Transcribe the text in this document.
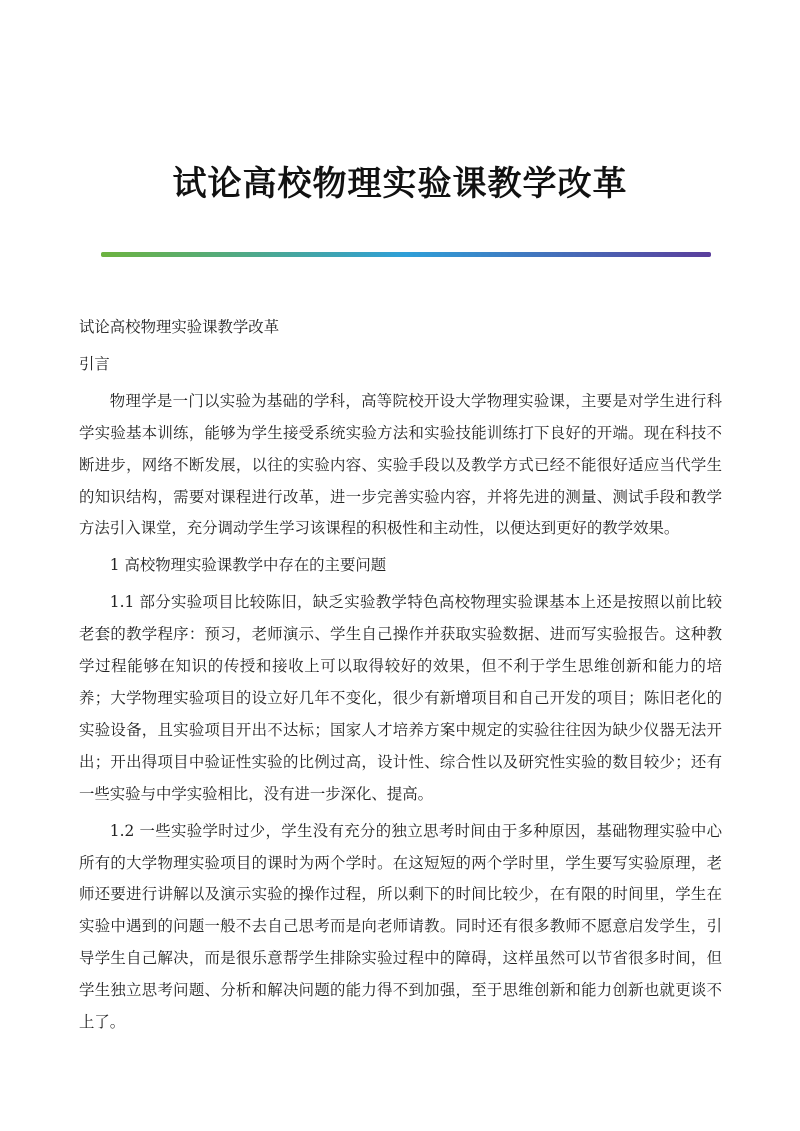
试论高校物理实验课教学改革

试论高校物理实验课教学改革

引言

物理学是一门以实验为基础的学科，高等院校开设大学物理实验课，主要是对学生进行科学实验基本训练，能够为学生接受系统实验方法和实验技能训练打下良好的开端。现在科技不断进步，网络不断发展，以往的实验内容、实验手段以及教学方式已经不能很好适应当代学生的知识结构，需要对课程进行改革，进一步完善实验内容，并将先进的测量、测试手段和教学方法引入课堂，充分调动学生学习该课程的积极性和主动性，以便达到更好的教学效果。

1 高校物理实验课教学中存在的主要问题

1.1 部分实验项目比较陈旧，缺乏实验教学特色高校物理实验课基本上还是按照以前比较老套的教学程序：预习，老师演示、学生自己操作并获取实验数据、进而写实验报告。这种教学过程能够在知识的传授和接收上可以取得较好的效果，但不利于学生思维创新和能力的培养；大学物理实验项目的设立好几年不变化，很少有新增项目和自己开发的项目；陈旧老化的实验设备，且实验项目开出不达标；国家人才培养方案中规定的实验往往因为缺少仪器无法开出；开出得项目中验证性实验的比例过高，设计性、综合性以及研究性实验的数目较少；还有一些实验与中学实验相比，没有进一步深化、提高。

1.2 一些实验学时过少，学生没有充分的独立思考时间由于多种原因，基础物理实验中心所有的大学物理实验项目的课时为两个学时。在这短短的两个学时里，学生要写实验原理，老师还要进行讲解以及演示实验的操作过程，所以剩下的时间比较少，在有限的时间里，学生在实验中遇到的问题一般不去自己思考而是向老师请教。同时还有很多教师不愿意启发学生，引导学生自己解决，而是很乐意帮学生排除实验过程中的障碍，这样虽然可以节省很多时间，但学生独立思考问题、分析和解决问题的能力得不到加强，至于思维创新和能力创新也就更谈不上了。
